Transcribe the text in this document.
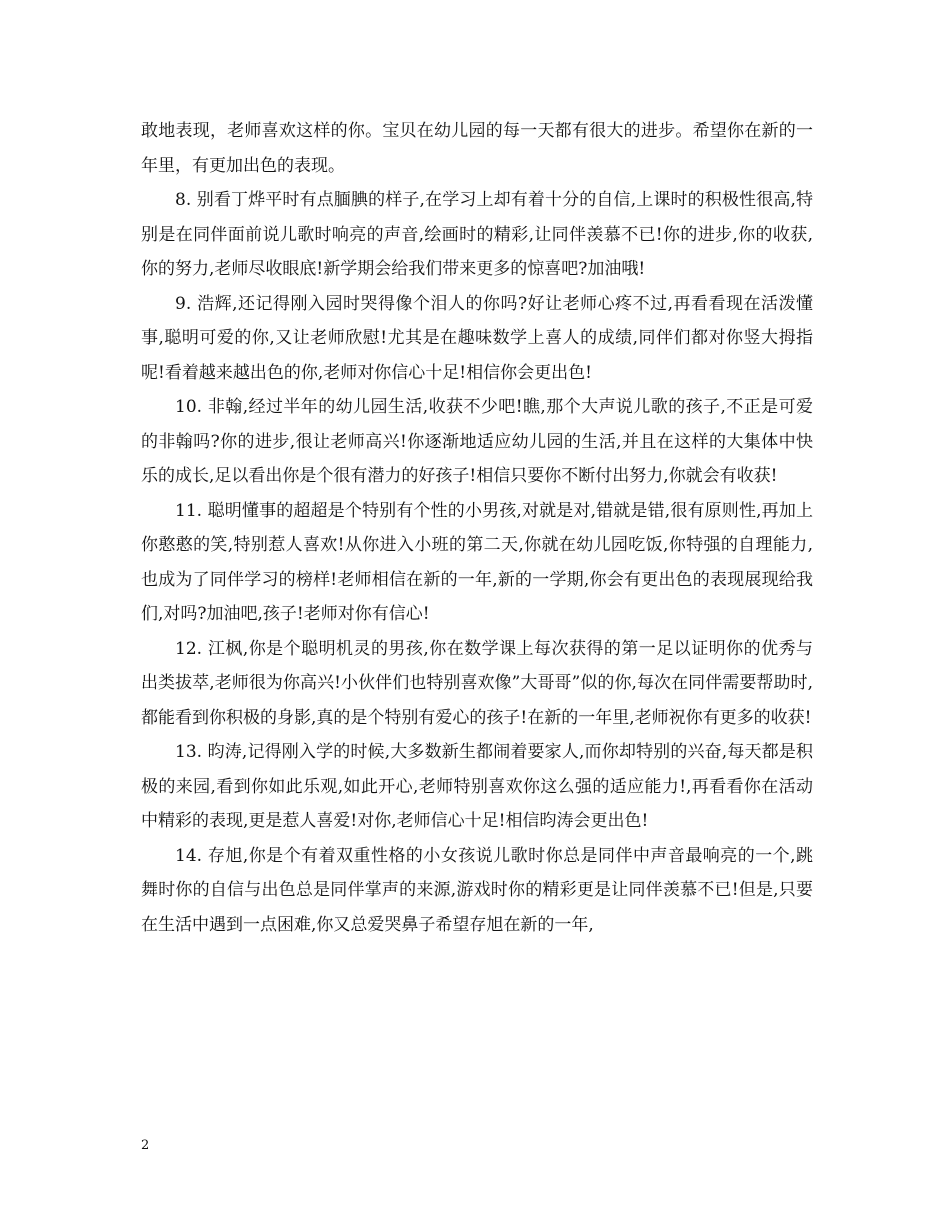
敢地表现，老师喜欢这样的你。宝贝在幼儿园的每一天都有很大的进步。希望你在新的一年里，有更加出色的表现。

8. 别看丁烨平时有点腼腆的样子,在学习上却有着十分的自信,上课时的积极性很高,特别是在同伴面前说儿歌时响亮的声音,绘画时的精彩,让同伴羡慕不已!你的进步,你的收获,你的努力,老师尽收眼底!新学期会给我们带来更多的惊喜吧?加油哦!

9. 浩辉,还记得刚入园时哭得像个泪人的你吗?好让老师心疼不过,再看看现在活泼懂事,聪明可爱的你,又让老师欣慰!尤其是在趣味数学上喜人的成绩,同伴们都对你竖大拇指呢!看着越来越出色的你,老师对你信心十足!相信你会更出色!

10. 非翰,经过半年的幼儿园生活,收获不少吧!瞧,那个大声说儿歌的孩子,不正是可爱的非翰吗?你的进步,很让老师高兴!你逐渐地适应幼儿园的生活,并且在这样的大集体中快乐的成长,足以看出你是个很有潜力的好孩子!相信只要你不断付出努力,你就会有收获!

11. 聪明懂事的超超是个特别有个性的小男孩,对就是对,错就是错,很有原则性,再加上你憨憨的笑,特别惹人喜欢!从你进入小班的第二天,你就在幼儿园吃饭,你特强的自理能力,也成为了同伴学习的榜样!老师相信在新的一年,新的一学期,你会有更出色的表现展现给我们,对吗?加油吧,孩子!老师对你有信心!

12. 江枫,你是个聪明机灵的男孩,你在数学课上每次获得的第一足以证明你的优秀与出类拔萃,老师很为你高兴!小伙伴们也特别喜欢像”大哥哥”似的你,每次在同伴需要帮助时,都能看到你积极的身影,真的是个特别有爱心的孩子!在新的一年里,老师祝你有更多的收获!

13. 昀涛,记得刚入学的时候,大多数新生都闹着要家人,而你却特别的兴奋,每天都是积极的来园,看到你如此乐观,如此开心,老师特别喜欢你这么强的适应能力!,再看看你在活动中精彩的表现,更是惹人喜爱!对你,老师信心十足!相信昀涛会更出色!

14. 存旭,你是个有着双重性格的小女孩说儿歌时你总是同伴中声音最响亮的一个,跳舞时你的自信与出色总是同伴掌声的来源,游戏时你的精彩更是让同伴羡慕不已!但是,只要在生活中遇到一点困难,你又总爱哭鼻子希望存旭在新的一年,

2
